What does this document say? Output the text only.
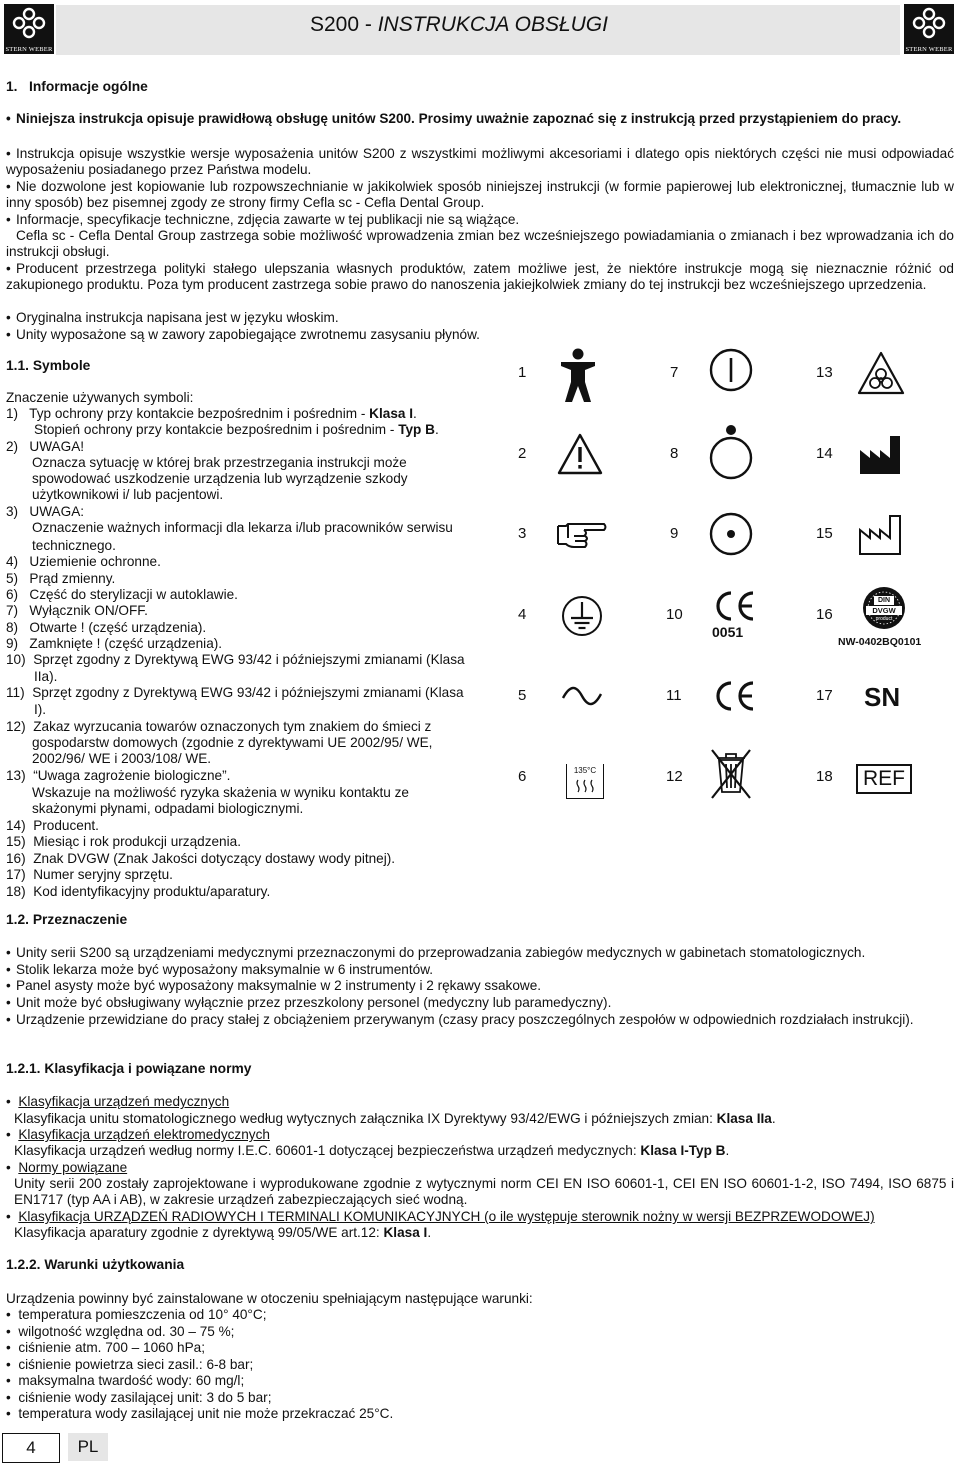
STERN WEBER
S200 - INSTRUKCJA OBSŁUGI
STERN WEBER
1. Informacje ogólne
• Niniejsza instrukcja opisuje prawidłową obsługę unitów S200. Prosimy uważnie zapoznać się z instrukcją przed przystąpieniem do pracy.
• Instrukcja opisuje wszystkie wersje wyposażenia unitów S200 z wszystkimi możliwymi akcesoriami i dlatego opis niektórych części nie musi odpowiadać wyposażeniu posiadanego przez Państwa modelu.
• Nie dozwolone jest kopiowanie lub rozpowszechnianie w jakikolwiek sposób niniejszej instrukcji (w formie papierowej lub elektronicznej, tłumacznie lub w inny sposób) bez pisemnej zgody ze strony firmy Cefla sc - Cefla Dental Group.
• Informacje, specyfikacje techniczne, zdjęcia zawarte w tej publikacji nie są wiążące.
Cefla sc - Cefla Dental Group zastrzega sobie możliwość wprowadzenia zmian bez wcześniejszego powiadamiania o zmianach i bez wprowadzania ich do instrukcji obsługi.
• Producent przestrzega polityki stałego ulepszania własnych produktów, zatem możliwe jest, że niektóre instrukcje mogą się nieznacznie różnić od zakupionego produktu. Poza tym producent zastrzega sobie prawo do nanoszenia jakiejkolwiek zmiany do tej instrukcji bez wcześniejszego uprzedzenia.
• Oryginalna instrukcja napisana jest w języku włoskim.
• Unity wyposażone są w zawory zapobiegające zwrotnemu zasysaniu płynów.
1.1. Symbole
Znaczenie używanych symboli:
1)   Typ ochrony przy kontakcie bezpośrednim i pośrednim - Klasa I.
Stopień ochrony przy kontakcie bezpośrednim i pośrednim - Typ B.
2)   UWAGA!
Oznacza sytuację w której brak przestrzegania instrukcji może
spowodować uszkodzenie urządzenia lub wyrządzenie szkody
użytkownikowi i/ lub pacjentowi.
3)   UWAGA:
Oznaczenie ważnych informacji dla lekarza i/lub pracowników serwisu
technicznego.
4)   Uziemienie ochronne.
5)   Prąd zmienny.
6)   Część do sterylizacji w autoklawie.
7)   Wyłącznik ON/OFF.
8)   Otwarte ! (część urządzenia).
9)   Zamknięte ! (część urządzenia).
10)  Sprzęt zgodny z Dyrektywą EWG 93/42 i późniejszymi zmianami (Klasa
IIa).
11)  Sprzęt zgodny z Dyrektywą EWG 93/42 i późniejszymi zmianami (Klasa
I).
12)  Zakaz wyrzucania towarów oznaczonych tym znakiem do śmieci z
gospodarstw domowych (zgodnie z dyrektywami UE 2002/95/ WE,
2002/96/ WE i 2003/108/ WE.
13)  “Uwaga zagrożenie biologiczne”.
Wskazuje na możliwość ryzyka skażenia w wyniku kontaktu ze
skażonymi płynami, odpadami biologicznymi.
14)  Producent.
15)  Miesiąc i rok produkcji urządzenia.
16)  Znak DVGW (Znak Jakości dotyczący dostawy wody pitnej).
17)  Numer seryjny sprzętu.
18)  Kod identyfikacyjny produktu/aparatury.
1
2
3
4
5
6
7
8
9
10
11
12
13
14
15
16
17
18
135°C
0051
DIN
DVGW
product
NW-0402BQ0101
SN
REF
1.2. Przeznaczenie
• Unity serii S200 są urządzeniami medycznymi przeznaczonymi do przeprowadzania zabiegów medycznych w gabinetach stomatologicznych.
• Stolik lekarza może być wyposażony maksymalnie w 6 instrumentów.
• Panel asysty może być wyposażony maksymalnie w 2 instrumenty i 2 rękawy ssakowe.
• Unit może być obsługiwany wyłącznie przez przeszkolony personel (medyczny lub paramedyczny).
• Urządzenie przewidziane do pracy stałej z obciążeniem przerywanym (czasy pracy poszczególnych zespołów w odpowiednich rozdziałach instrukcji).
1.2.1. Klasyfikacja i powiązane normy
•  Klasyfikacja urządzeń medycznych
Klasyfikacja unitu stomatologicznego według wytycznych załącznika IX Dyrektywy 93/42/EWG i późniejszych zmian: Klasa IIa.
•  Klasyfikacja urządzeń elektromedycznych
Klasyfikacja urządzeń według normy I.E.C. 60601-1 dotyczącej bezpieczeństwa urządzeń medycznych: Klasa I-Typ B.
•  Normy powiązane
Unity serii 200 zostały zaprojektowane i wyprodukowane zgodnie z wytycznymi norm CEI EN ISO 60601-1, CEI EN ISO 60601-1-2, ISO 7494, ISO 6875 i EN1717 (typ AA i AB), w zakresie urządzeń zabezpieczających sieć wodną.
•  Klasyfikacja URZĄDZEŃ RADIOWYCH I TERMINALI KOMUNIKACYJNYCH (o ile występuje sterownik nożny w wersji BEZPRZEWODOWEJ)
Klasyfikacja aparatury zgodnie z dyrektywą 99/05/WE art.12: Klasa I.
1.2.2. Warunki użytkowania
Urządzenia powinny być zainstalowane w otoczeniu spełniającym następujące warunki:
•  temperatura pomieszczenia od 10° 40°C;
•  wilgotność względna od. 30 – 75 %;
•  ciśnienie atm. 700 – 1060 hPa;
•  ciśnienie powietrza sieci zasil.: 6-8 bar;
•  maksymalna twardość wody: 60 mg/l;
•  ciśnienie wody zasilającej unit: 3 do 5 bar;
•  temperatura wody zasilającej unit nie może przekraczać 25°C.
4	PL
